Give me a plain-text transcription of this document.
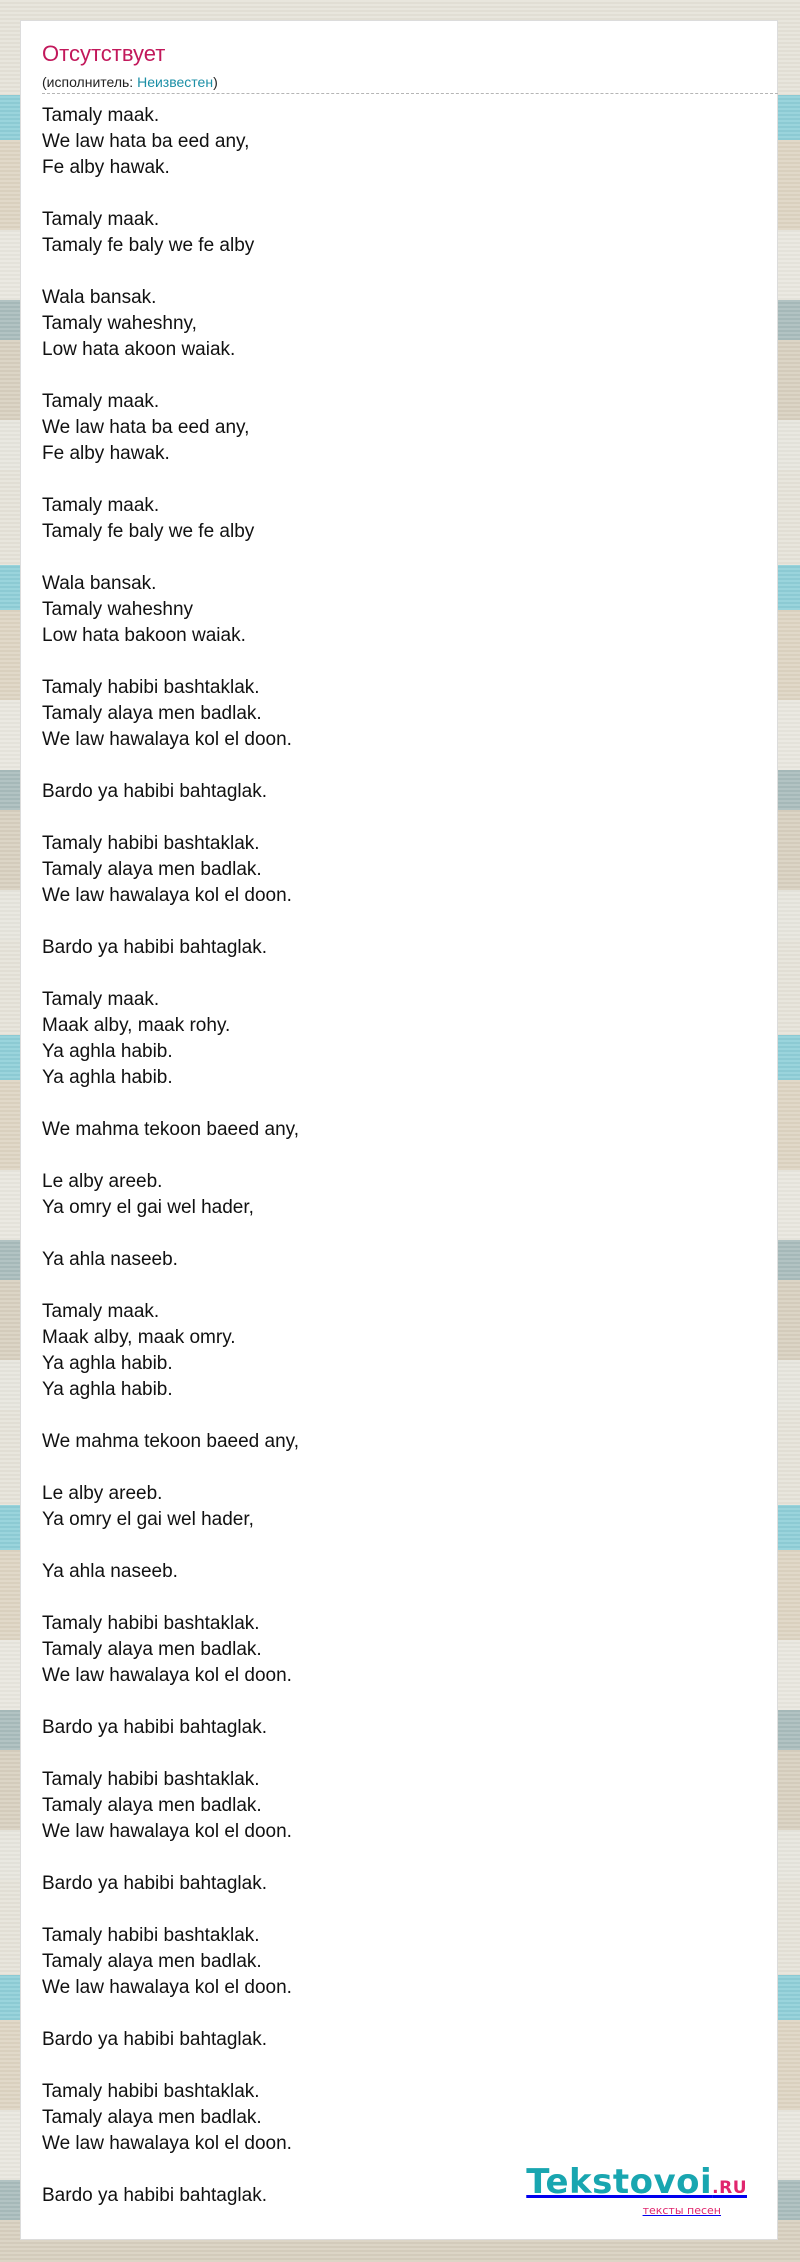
Отсутствует
(исполнитель: Неизвестен)
Tamaly maak.
We law hata ba eed any,
Fe alby hawak.

Tamaly maak.
Tamaly fe baly we fe alby

Wala bansak.
Tamaly waheshny,
Low hata akoon waiak.

Tamaly maak.
We law hata ba eed any,
Fe alby hawak.

Tamaly maak.
Tamaly fe baly we fe alby

Wala bansak.
Tamaly waheshny
Low hata bakoon waiak.

Tamaly habibi bashtaklak.
Tamaly alaya men badlak.
We law hawalaya kol el doon.

Bardo ya habibi bahtaglak.

Tamaly habibi bashtaklak.
Tamaly alaya men badlak.
We law hawalaya kol el doon.

Bardo ya habibi bahtaglak.

Tamaly maak.
Maak alby, maak rohy.
Ya aghla habib.
Ya aghla habib.

We mahma tekoon baeed any,

Le alby areeb.
Ya omry el gai wel hader,

Ya ahla naseeb.

Tamaly maak.
Maak alby, maak omry.
Ya aghla habib.
Ya aghla habib.

We mahma tekoon baeed any,

Le alby areeb.
Ya omry el gai wel hader,

Ya ahla naseeb.

Tamaly habibi bashtaklak.
Tamaly alaya men badlak.
We law hawalaya kol el doon.

Bardo ya habibi bahtaglak.

Tamaly habibi bashtaklak.
Tamaly alaya men badlak.
We law hawalaya kol el doon.

Bardo ya habibi bahtaglak.

Tamaly habibi bashtaklak.
Tamaly alaya men badlak.
We law hawalaya kol el doon.

Bardo ya habibi bahtaglak.

Tamaly habibi bashtaklak.
Tamaly alaya men badlak.
We law hawalaya kol el doon.

Bardo ya habibi bahtaglak.	Tekstovoi.RU
тексты песен
